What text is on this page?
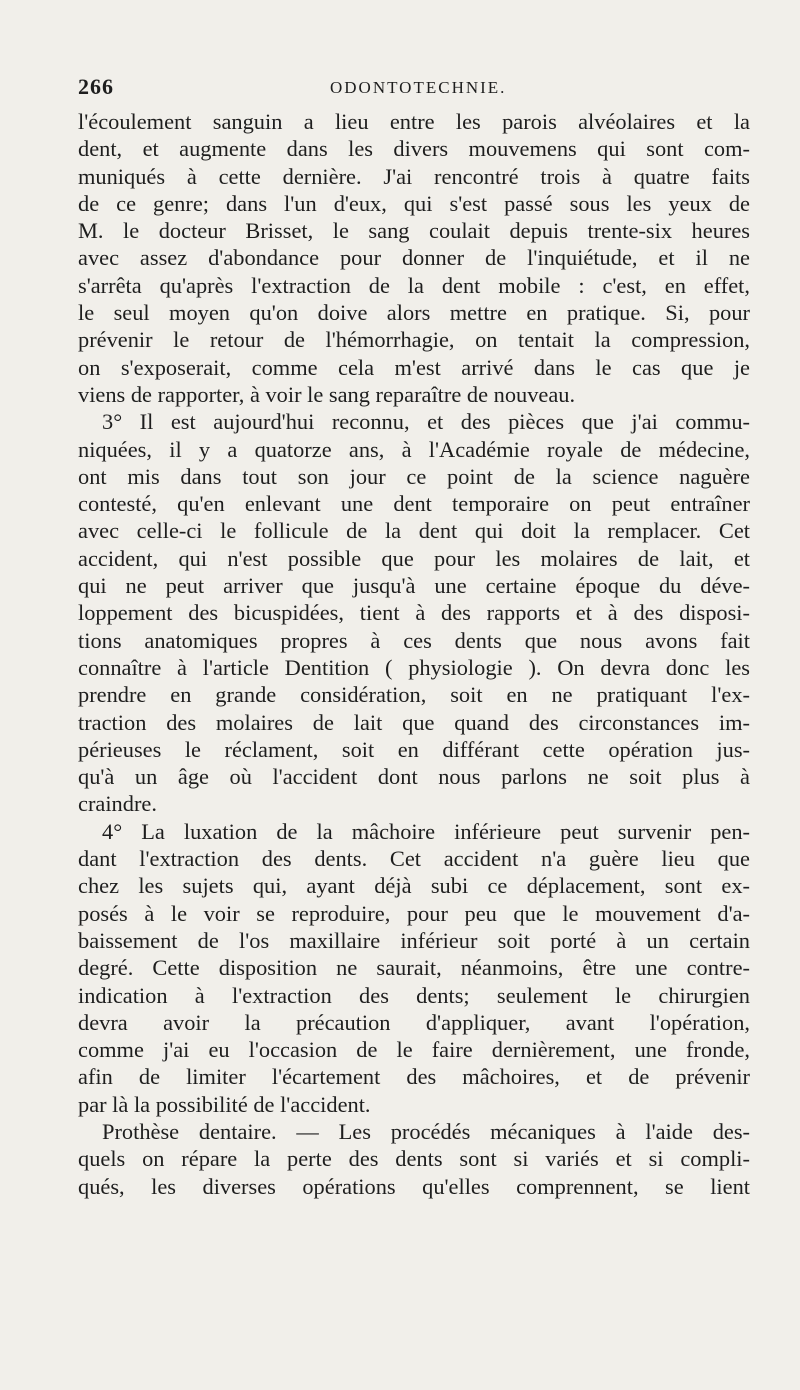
266	ODONTOTECHNIE.
l'écoulement sanguin a lieu entre les parois alvéolaires et la
dent, et augmente dans les divers mouvemens qui sont com-
muniqués à cette dernière. J'ai rencontré trois à quatre faits
de ce genre; dans l'un d'eux, qui s'est passé sous les yeux de
M. le docteur Brisset, le sang coulait depuis trente-six heures
avec assez d'abondance pour donner de l'inquiétude, et il ne
s'arrêta qu'après l'extraction de la dent mobile : c'est, en effet,
le seul moyen qu'on doive alors mettre en pratique. Si, pour
prévenir le retour de l'hémorrhagie, on tentait la compression,
on s'exposerait, comme cela m'est arrivé dans le cas que je
viens de rapporter, à voir le sang reparaître de nouveau.
3° Il est aujourd'hui reconnu, et des pièces que j'ai commu-
niquées, il y a quatorze ans, à l'Académie royale de médecine,
ont mis dans tout son jour ce point de la science naguère
contesté, qu'en enlevant une dent temporaire on peut entraîner
avec celle-ci le follicule de la dent qui doit la remplacer. Cet
accident, qui n'est possible que pour les molaires de lait, et
qui ne peut arriver que jusqu'à une certaine époque du déve-
loppement des bicuspidées, tient à des rapports et à des disposi-
tions anatomiques propres à ces dents que nous avons fait
connaître à l'article Dentition ( physiologie ). On devra donc les
prendre en grande considération, soit en ne pratiquant l'ex-
traction des molaires de lait que quand des circonstances im-
périeuses le réclament, soit en différant cette opération jus-
qu'à un âge où l'accident dont nous parlons ne soit plus à
craindre.
4° La luxation de la mâchoire inférieure peut survenir pen-
dant l'extraction des dents. Cet accident n'a guère lieu que
chez les sujets qui, ayant déjà subi ce déplacement, sont ex-
posés à le voir se reproduire, pour peu que le mouvement d'a-
baissement de l'os maxillaire inférieur soit porté à un certain
degré. Cette disposition ne saurait, néanmoins, être une contre-
indication à l'extraction des dents; seulement le chirurgien
devra avoir la précaution d'appliquer, avant l'opération,
comme j'ai eu l'occasion de le faire dernièrement, une fronde,
afin de limiter l'écartement des mâchoires, et de prévenir
par là la possibilité de l'accident.
Prothèse dentaire. — Les procédés mécaniques à l'aide des-
quels on répare la perte des dents sont si variés et si compli-
qués, les diverses opérations qu'elles comprennent, se lient
